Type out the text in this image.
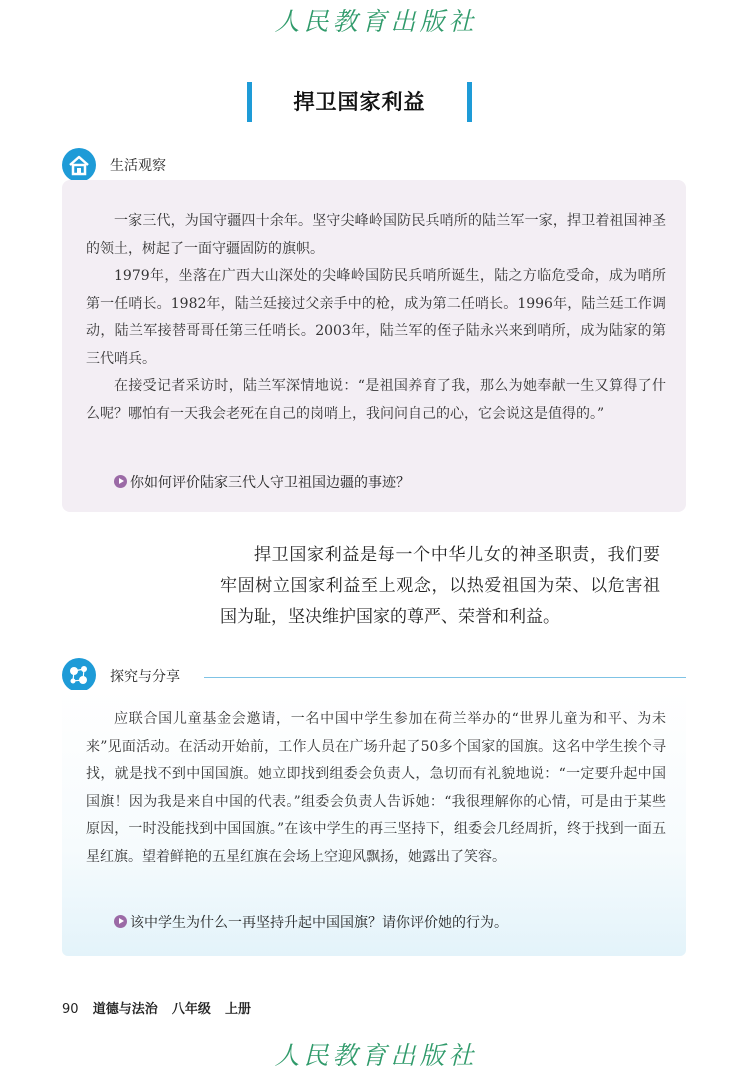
人民教育出版社
捍卫国家利益
生活观察

一家三代，为国守疆四十余年。坚守尖峰岭国防民兵哨所的陆兰军一家，捍卫着祖国神圣的领土，树起了一面守疆固防的旗帜。

1979年，坐落在广西大山深处的尖峰岭国防民兵哨所诞生，陆之方临危受命，成为哨所第一任哨长。1982年，陆兰廷接过父亲手中的枪，成为第二任哨长。1996年，陆兰廷工作调动，陆兰军接替哥哥任第三任哨长。2003年，陆兰军的侄子陆永兴来到哨所，成为陆家的第三代哨兵。

在接受记者采访时，陆兰军深情地说：“是祖国养育了我，那么为她奉献一生又算得了什么呢？哪怕有一天我会老死在自己的岗哨上，我问问自己的心，它会说这是值得的。”

你如何评价陆家三代人守卫祖国边疆的事迹？

捍卫国家利益是每一个中华儿女的神圣职责，我们要牢固树立国家利益至上观念，以热爱祖国为荣、以危害祖国为耻，坚决维护国家的尊严、荣誉和利益。

探究与分享

应联合国儿童基金会邀请，一名中国中学生参加在荷兰举办的“世界儿童为和平、为未来”见面活动。在活动开始前，工作人员在广场升起了50多个国家的国旗。这名中学生挨个寻找，就是找不到中国国旗。她立即找到组委会负责人，急切而有礼貌地说：“一定要升起中国国旗！因为我是来自中国的代表。”组委会负责人告诉她：“我很理解你的心情，可是由于某些原因，一时没能找到中国国旗。”在该中学生的再三坚持下，组委会几经周折，终于找到一面五星红旗。望着鲜艳的五星红旗在会场上空迎风飘扬，她露出了笑容。

该中学生为什么一再坚持升起中国国旗？请你评价她的行为。
90 道德与法治 八年级 上册
人民教育出版社
